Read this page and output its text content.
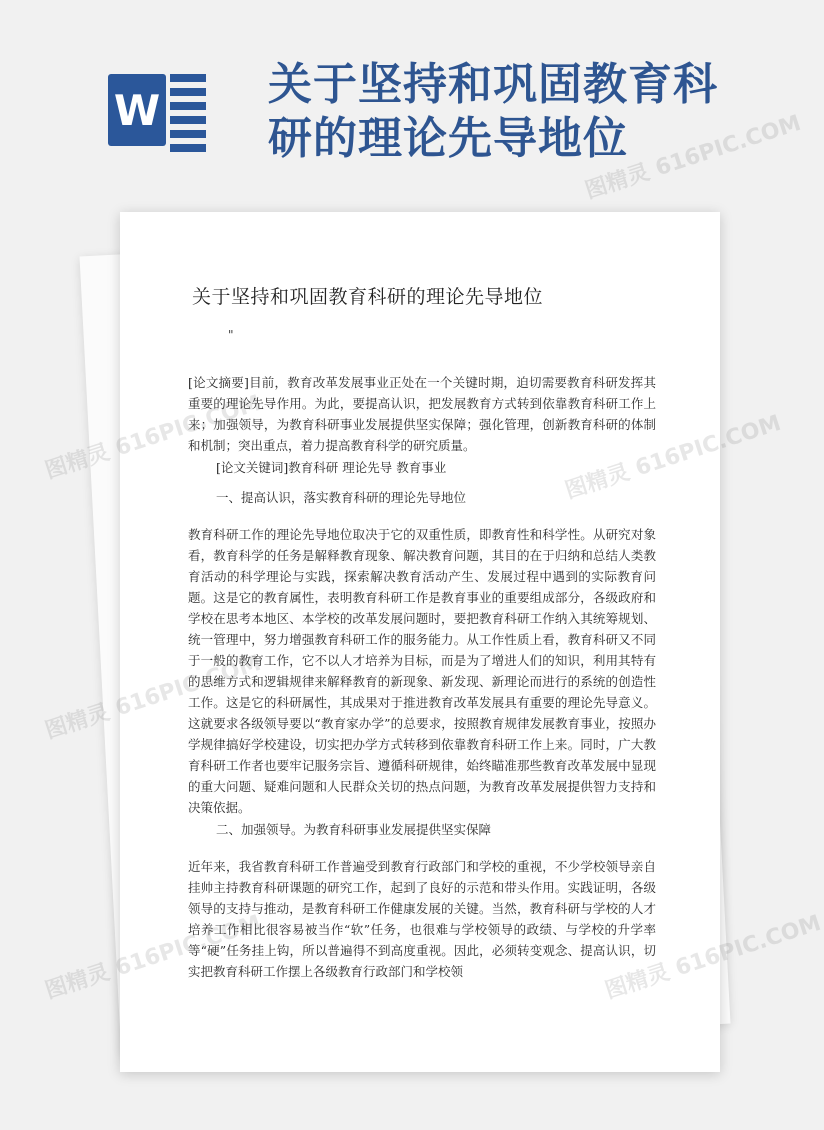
W 关于坚持和巩固教育科
研的理论先导地位
关于坚持和巩固教育科研的理论先导地位
"

[论文摘要]目前，教育改革发展事业正处在一个关键时期，迫切需要教育科研发挥其重要的理论先导作用。为此，要提高认识，把发展教育方式转到依靠教育科研工作上来；加强领导，为教育科研事业发展提供坚实保障；强化管理，创新教育科研的体制和机制；突出重点，着力提高教育科学的研究质量。

[论文关键词]教育科研 理论先导 教育事业

一、提高认识，落实教育科研的理论先导地位

教育科研工作的理论先导地位取决于它的双重性质，即教育性和科学性。从研究对象看，教育科学的任务是解释教育现象、解决教育问题，其目的在于归纳和总结人类教育活动的科学理论与实践，探索解决教育活动产生、发展过程中遇到的实际教育问题。这是它的教育属性，表明教育科研工作是教育事业的重要组成部分，各级政府和学校在思考本地区、本学校的改革发展问题时，要把教育科研工作纳入其统筹规划、统一管理中，努力增强教育科研工作的服务能力。从工作性质上看，教育科研又不同于一般的教育工作，它不以人才培养为目标，而是为了增进人们的知识，利用其特有的思维方式和逻辑规律来解释教育的新现象、新发现、新理论而进行的系统的创造性工作。这是它的科研属性，其成果对于推进教育改革发展具有重要的理论先导意义。这就要求各级领导要以“教育家办学”的总要求，按照教育规律发展教育事业，按照办学规律搞好学校建设，切实把办学方式转移到依靠教育科研工作上来。同时，广大教育科研工作者也要牢记服务宗旨、遵循科研规律，始终瞄准那些教育改革发展中显现的重大问题、疑难问题和人民群众关切的热点问题，为教育改革发展提供智力支持和决策依据。

二、加强领导。为教育科研事业发展提供坚实保障

近年来，我省教育科研工作普遍受到教育行政部门和学校的重视，不少学校领导亲自挂帅主持教育科研课题的研究工作，起到了良好的示范和带头作用。实践证明，各级领导的支持与推动，是教育科研工作健康发展的关键。当然，教育科研与学校的人才培养工作相比很容易被当作“软”任务，也很难与学校领导的政绩、与学校的升学率等“硬”任务挂上钩，所以普遍得不到高度重视。因此，必须转变观念、提高认识，切实把教育科研工作摆上各级教育行政部门和学校领

图精灵
图精灵
图精灵 616PIC.COM
图精灵
616PIC.COM
